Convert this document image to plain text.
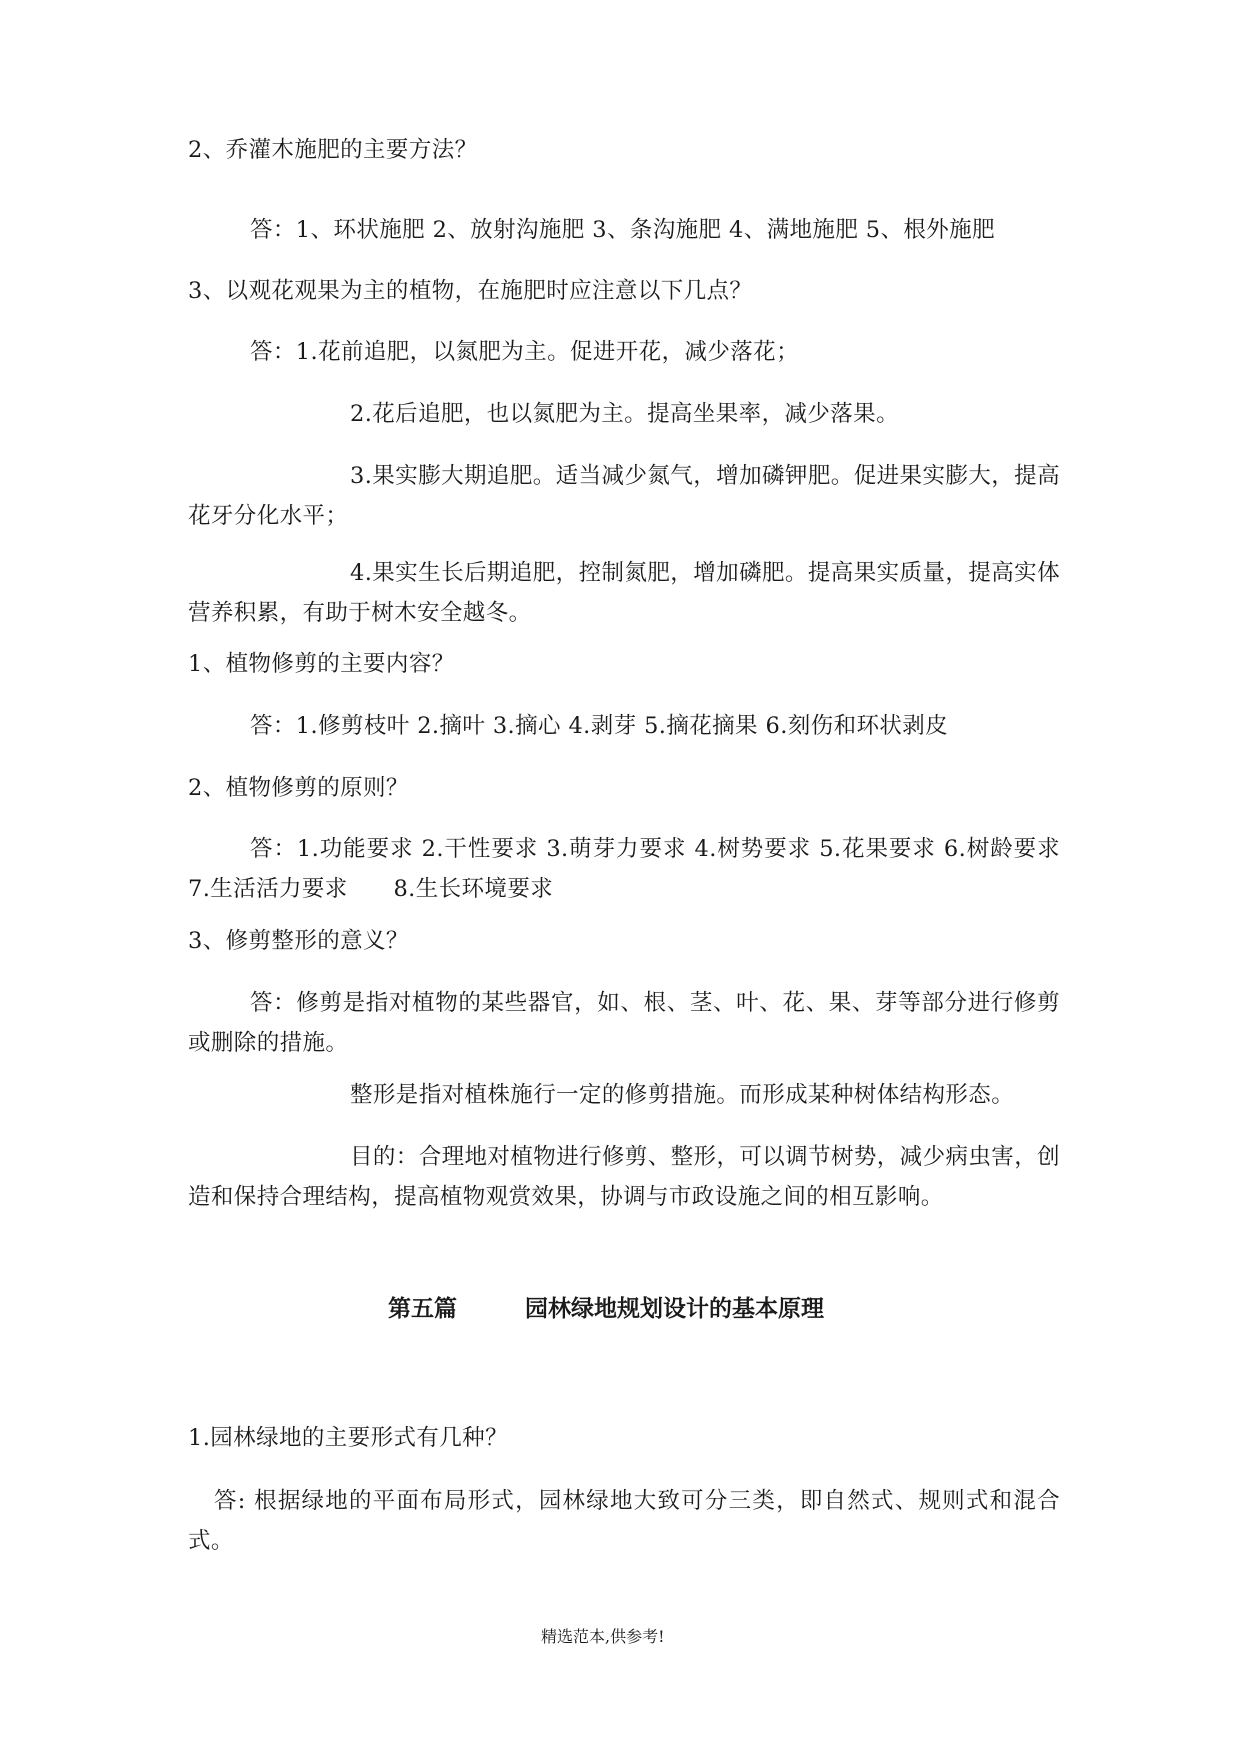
2、乔灌木施肥的主要方法？
答：1、环状施肥 2、放射沟施肥 3、条沟施肥 4、满地施肥 5、根外施肥
3、以观花观果为主的植物，在施肥时应注意以下几点？
答：1.花前追肥，以氮肥为主。促进开花，减少落花；
2.花后追肥，也以氮肥为主。提高坐果率，减少落果。
3.果实膨大期追肥。适当减少氮气，增加磷钾肥。促进果实膨大，提高花牙分化水平；
4.果实生长后期追肥，控制氮肥，增加磷肥。提高果实质量，提高实体营养积累，有助于树木安全越冬。
1、植物修剪的主要内容？
答：1.修剪枝叶 2.摘叶 3.摘心 4.剥芽 5.摘花摘果 6.刻伤和环状剥皮
2、植物修剪的原则？
答：1.功能要求 2.干性要求 3.萌芽力要求 4.树势要求 5.花果要求 6.树龄要求 7.生活活力要求　　8.生长环境要求
3、修剪整形的意义？
答：修剪是指对植物的某些器官，如、根、茎、叶、花、果、芽等部分进行修剪 或删除的措施。
整形是指对植株施行一定的修剪措施。而形成某种树体结构形态。
目的：合理地对植物进行修剪、整形，可以调节树势，减少病虫害，创造和保持合理结构，提高植物观赏效果，协调与市政设施之间的相互影响。
第五篇	园林绿地规划设计的基本原理
1.园林绿地的主要形式有几种？
答: 根据绿地的平面布局形式，园林绿地大致可分三类，即自然式、规则式和混合式。
精选范本,供参考!
